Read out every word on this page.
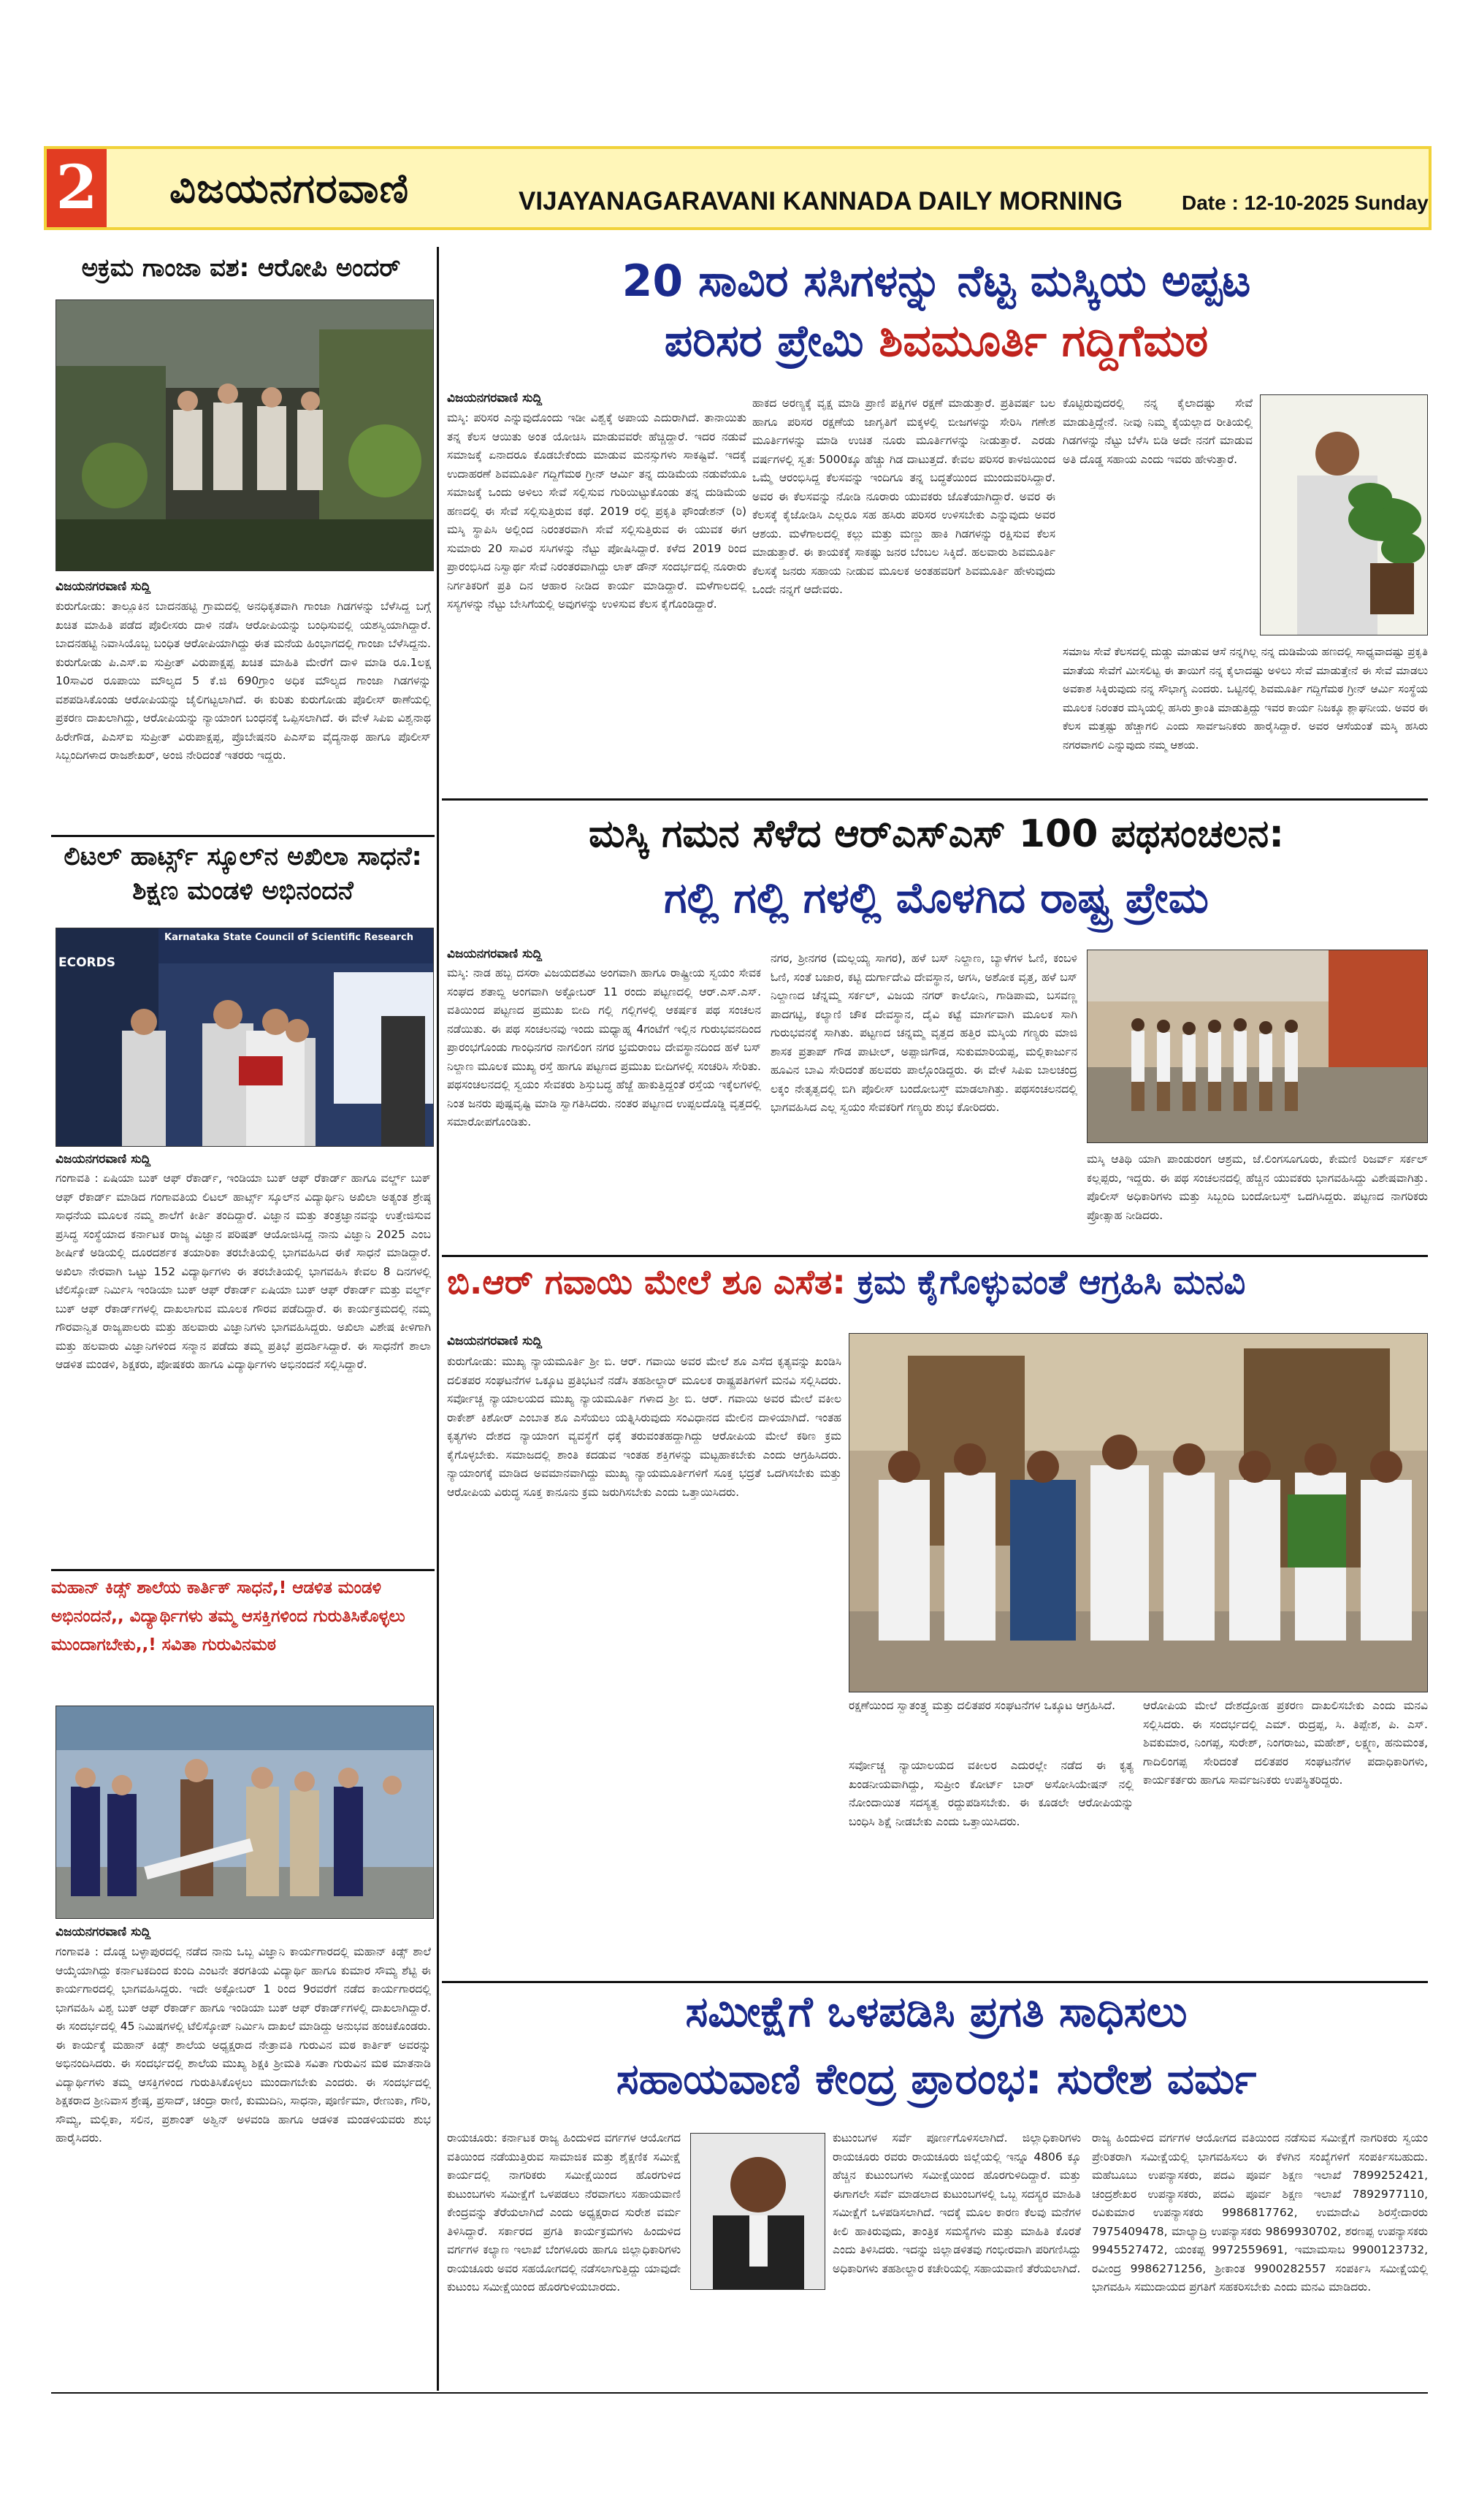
2 ವಿಜಯನಗರವಾಣಿ	VIJAYANAGARAVANI KANNADA DAILY MORNING	Date : 12-10-2025 Sunday
ಅಕ್ರಮ ಗಾಂಜಾ ವಶ: ಆರೋಪಿ ಅಂದರ್
ವಿಜಯನಗರವಾಣಿ ಸುದ್ದಿ
ಕುರುಗೋಡು: ತಾಲ್ಲೂಕಿನ ಬಾದನಹಟ್ಟಿ ಗ್ರಾಮದಲ್ಲಿ ಅನಧಿಕೃತವಾಗಿ ಗಾಂಜಾ ಗಿಡಗಳನ್ನು ಬೆಳೆಸಿದ್ದ ಬಗ್ಗೆ ಖಚಿತ ಮಾಹಿತಿ ಪಡೆದ ಪೊಲೀಸರು ದಾಳಿ ನಡೆಸಿ ಆರೋಪಿಯನ್ನು ಬಂಧಿಸುವಲ್ಲಿ ಯಶಸ್ವಿಯಾಗಿದ್ದಾರೆ. ಬಾದನಹಟ್ಟಿ ನಿವಾಸಿಯೊಬ್ಬ ಬಂಧಿತ ಆರೋಪಿಯಾಗಿದ್ದು ಈತ ಮನೆಯ ಹಿಂಭಾಗದಲ್ಲಿ ಗಾಂಜಾ ಬೆಳೆಸಿದ್ದನು. ಕುರುಗೋಡು ಪಿ.ಎಸ್.ಐ ಸುಪ್ರೀತ್ ವಿರುಪಾಕ್ಷಪ್ಪ ಖಚಿತ ಮಾಹಿತಿ ಮೇರೆಗೆ ದಾಳಿ ಮಾಡಿ ರೂ.1ಲಕ್ಷ 10ಸಾವಿರ ರೂಪಾಯಿ ಮೌಲ್ಯದ 5 ಕೆ.ಜಿ 690ಗ್ರಾಂ ಅಧಿಕ ಮೌಲ್ಯದ ಗಾಂಜಾ ಗಿಡಗಳನ್ನು ವಶಪಡಿಸಿಕೊಂಡು ಆರೋಪಿಯನ್ನು ಜೈಲಿಗಟ್ಟಲಾಗಿದೆ. ಈ ಕುರಿತು ಕುರುಗೋಡು ಪೊಲೀಸ್ ಠಾಣೆಯಲ್ಲಿ ಪ್ರಕರಣ ದಾಖಲಾಗಿದ್ದು, ಆರೋಪಿಯನ್ನು ನ್ಯಾಯಾಂಗ ಬಂಧನಕ್ಕೆ ಒಪ್ಪಿಸಲಾಗಿದೆ. ಈ ವೇಳೆ ಸಿಪಿಐ ವಿಶ್ವನಾಥ ಹಿರೇಗೌಡ, ಪಿಎಸ್ಐ ಸುಪ್ರೀತ್ ವಿರುಪಾಕ್ಷಪ್ಪ, ಪ್ರೊಬೇಷನರಿ ಪಿಎಸ್ಐ ವೈದ್ಯನಾಥ ಹಾಗೂ ಪೊಲೀಸ್ ಸಿಬ್ಬಂದಿಗಳಾದ ರಾಜಶೇಖರ್, ಅಂಜಿ ನೇರಿದಂತೆ ಇತರರು ಇದ್ದರು.
ಲಿಟಲ್ ಹಾರ್ಟ್ಸ್ ಸ್ಕೂಲ್‌ನ ಅಖಿಲಾ ಸಾಧನೆ: ಶಿಕ್ಷಣ ಮಂಡಳಿ ಅಭಿನಂದನೆ
Karnataka State Council of Scientific Research
ECORDS
ವಿಜಯನಗರವಾಣಿ ಸುದ್ದಿ
ಗಂಗಾವತಿ : ಏಷಿಯಾ ಬುಕ್ ಆಫ್ ರೆಕಾರ್ಡ್, ಇಂಡಿಯಾ ಬುಕ್ ಆಫ್ ರೆಕಾರ್ಡ್ ಹಾಗೂ ವರ್ಲ್ಡ್ ಬುಕ್ ಆಫ್ ರೆಕಾರ್ಡ್ ಮಾಡಿದ ಗಂಗಾವತಿಯ ಲಿಟಲ್ ಹಾರ್ಟ್ಸ್ ಸ್ಕೂಲ್‌ನ ವಿದ್ಯಾರ್ಥಿನಿ ಅಖಿಲಾ ಅತ್ಯಂತ ಶ್ರೇಷ್ಠ ಸಾಧನೆಯ ಮೂಲಕ ನಮ್ಮ ಶಾಲೆಗೆ ಕೀರ್ತಿ ತಂದಿದ್ದಾರೆ. ವಿಜ್ಞಾನ ಮತ್ತು ತಂತ್ರಜ್ಞಾನವನ್ನು ಉತ್ತೇಜಿಸುವ ಪ್ರಸಿದ್ಧ ಸಂಸ್ಥೆಯಾದ ಕರ್ನಾಟಕ ರಾಜ್ಯ ವಿಜ್ಞಾನ ಪರಿಷತ್ ಆಯೋಜಿಸಿದ್ದ ನಾನು ವಿಜ್ಞಾನಿ 2025 ಎಂಬ ಶೀರ್ಷಿಕೆ ಅಡಿಯಲ್ಲಿ ದೂರದರ್ಶಕ ತಯಾರಿಕಾ ತರಬೇತಿಯಲ್ಲಿ ಭಾಗವಹಿಸಿದ ಈಕೆ ಸಾಧನೆ ಮಾಡಿದ್ದಾರೆ. ಅಖಿಲಾ ನೇರವಾಗಿ ಒಟ್ಟು 152 ವಿದ್ಯಾರ್ಥಿಗಳು ಈ ತರಬೇತಿಯಲ್ಲಿ ಭಾಗವಹಿಸಿ ಕೇವಲ 8 ದಿನಗಳಲ್ಲಿ ಟೆಲಿಸ್ಕೋಪ್ ನಿರ್ಮಿಸಿ ಇಂಡಿಯಾ ಬುಕ್ ಆಫ್ ರೆಕಾರ್ಡ್ ಏಷಿಯಾ ಬುಕ್ ಆಫ್ ರೆಕಾರ್ಡ್ ಮತ್ತು ವರ್ಲ್ಡ್ ಬುಕ್ ಆಫ್ ರೆಕಾರ್ಡ್‌ಗಳಲ್ಲಿ ದಾಖಲಾಗುವ ಮೂಲಕ ಗೌರವ ಪಡೆದಿದ್ದಾರೆ. ಈ ಕಾರ್ಯಕ್ರಮದಲ್ಲಿ ನಮ್ಮ ಗೌರವಾನ್ವಿತ ರಾಜ್ಯಪಾಲರು ಮತ್ತು ಹಲವಾರು ವಿಜ್ಞಾನಿಗಳು ಭಾಗವಹಿಸಿದ್ದರು. ಅಖಿಲಾ ವಿಶೇಷ ಕೀಳಿಗಾಗಿ ಮತ್ತು ಹಲವಾರು ವಿಜ್ಞಾನಿಗಳಿಂದ ಸನ್ಮಾನ ಪಡೆದು ತಮ್ಮ ಪ್ರತಿಭೆ ಪ್ರದರ್ಶಿಸಿದ್ದಾರೆ. ಈ ಸಾಧನೆಗೆ ಶಾಲಾ ಆಡಳಿತ ಮಂಡಳಿ, ಶಿಕ್ಷಕರು, ಪೋಷಕರು ಹಾಗೂ ವಿದ್ಯಾರ್ಥಿಗಳು ಅಭಿನಂದನೆ ಸಲ್ಲಿಸಿದ್ದಾರೆ.
ಮಹಾನ್ ಕಿಡ್ಸ್ ಶಾಲೆಯ ಕಾರ್ತಿಕ್ ಸಾಧನೆ,! ಆಡಳಿತ ಮಂಡಳಿ ಅಭಿನಂದನೆ,, ವಿದ್ಯಾರ್ಥಿಗಳು ತಮ್ಮ ಆಸಕ್ತಿಗಳಿಂದ ಗುರುತಿಸಿಕೊಳ್ಳಲು ಮುಂದಾಗಬೇಕು,,! ಸವಿತಾ ಗುರುವಿನಮಠ
ವಿಜಯನಗರವಾಣಿ ಸುದ್ದಿ
ಗಂಗಾವತಿ : ದೊಡ್ಡ ಬಳ್ಳಾಪುರದಲ್ಲಿ ನಡೆದ ನಾನು ಒಬ್ಬ ವಿಜ್ಞಾನಿ ಕಾರ್ಯಗಾರದಲ್ಲಿ ಮಹಾನ್ ಕಿಡ್ಸ್ ಶಾಲೆ ಆಯ್ಕೆಯಾಗಿದ್ದು ಕರ್ನಾಟಕದಿಂದ ಕುಂದಿ ಎಂಟನೇ ತರಗತಿಯ ವಿದ್ಯಾರ್ಥಿ ಹಾಗೂ ಕುಮಾರ ಸೌಮ್ಯ ಶೆಟ್ಟಿ ಈ ಕಾರ್ಯಗಾರದಲ್ಲಿ ಭಾಗವಹಿಸಿದ್ದರು. ಇದೇ ಅಕ್ಟೋಬರ್ 1 ರಿಂದ 9ರವರೆಗೆ ನಡೆದ ಕಾರ್ಯಗಾರದಲ್ಲಿ ಭಾಗವಹಿಸಿ ವಿಶ್ವ ಬುಕ್ ಆಫ್ ರೆಕಾರ್ಡ್ ಹಾಗೂ ಇಂಡಿಯಾ ಬುಕ್ ಆಫ್ ರೆಕಾರ್ಡ್‌ಗಳಲ್ಲಿ ದಾಖಲಾಗಿದ್ದಾರೆ. ಈ ಸಂದರ್ಭದಲ್ಲಿ 45 ನಿಮಿಷಗಳಲ್ಲಿ ಟೆಲಿಸ್ಕೋಪ್ ನಿರ್ಮಿಸಿ ದಾಖಲೆ ಮಾಡಿದ್ದು ಅನುಭವ ಹಂಚಿಕೊಂಡರು. ಈ ಕಾರ್ಯಕ್ಕೆ ಮಹಾನ್ ಕಿಡ್ಸ್ ಶಾಲೆಯ ಅಧ್ಯಕ್ಷರಾದ ನೇತ್ರಾವತಿ ಗುರುವಿನ ಮಠ ಕಾರ್ತಿಕ್ ಅವರನ್ನು ಅಭಿನಂದಿಸಿದರು. ಈ ಸಂದರ್ಭದಲ್ಲಿ ಶಾಲೆಯ ಮುಖ್ಯ ಶಿಕ್ಷಕಿ ಶ್ರೀಮತಿ ಸವಿತಾ ಗುರುವಿನ ಮಠ ಮಾತನಾಡಿ ವಿದ್ಯಾರ್ಥಿಗಳು ತಮ್ಮ ಆಸಕ್ತಿಗಳಿಂದ ಗುರುತಿಸಿಕೊಳ್ಳಲು ಮುಂದಾಗಬೇಕು ಎಂದರು. ಈ ಸಂದರ್ಭದಲ್ಲಿ ಶಿಕ್ಷಕರಾದ ಶ್ರೀನಿವಾಸ ಶ್ರೇಷ್ಠ, ಪ್ರಸಾದ್, ಚಂದ್ರಾ ರಾಣಿ, ಕುಮುದಿನಿ, ಸಾಧನಾ, ಪೂರ್ಣಿಮಾ, ರೇಣುಕಾ, ಗೌರಿ, ಸೌಮ್ಯ, ಮಲ್ಲಿಕಾ, ಸಲಿನ, ಪ್ರಶಾಂತ್ ಅಶ್ವಿನ್ ಅಳವಂಡಿ ಹಾಗೂ ಆಡಳಿತ ಮಂಡಳಿಯವರು ಶುಭ ಹಾರೈಸಿದರು.
20 ಸಾವಿರ ಸಸಿಗಳನ್ನು ನೆಟ್ಟ ಮಸ್ಕಿಯ ಅಪ್ಪಟ
ಪರಿಸರ ಪ್ರೇಮಿ ಶಿವಮೂರ್ತಿ ಗದ್ದಿಗೆಮಠ
ವಿಜಯನಗರವಾಣಿ ಸುದ್ದಿ
ಮಸ್ಕಿ: ಪರಿಸರ ಎನ್ನುವುದೊಂದು ಇಡೀ ವಿಶ್ವಕ್ಕೆ ಅಪಾಯ ಎದುರಾಗಿದೆ. ತಾನಾಯಿತು ತನ್ನ ಕೆಲಸ ಆಯಿತು ಅಂತ ಯೋಚಿಸಿ ಮಾಡುವವರೇ ಹೆಚ್ಚಿದ್ದಾರೆ. ಇದರ ನಡುವೆ ಸಮಾಜಕ್ಕೆ ಏನಾದರೂ ಕೊಡಬೇಕೆಂದು ಮಾಡುವ ಮನಸ್ಸುಗಳು ಸಾಕಷ್ಟಿವೆ. ಇದಕ್ಕೆ ಉದಾಹರಣೆ ಶಿವಮೂರ್ತಿ ಗದ್ದಿಗೆಮಠ ಗ್ರೀನ್ ಆರ್ಮಿ ತನ್ನ ದುಡಿಮೆಯ ನಡುವೆಯೂ ಸಮಾಜಕ್ಕೆ ಒಂದು ಅಳಿಲು ಸೇವೆ ಸಲ್ಲಿಸುವ ಗುರಿಯಿಟ್ಟುಕೊಂಡು ತನ್ನ ದುಡಿಮೆಯ ಹಣದಲ್ಲಿ ಈ ಸೇವೆ ಸಲ್ಲಿಸುತ್ತಿರುವ ಕಥೆ. 2019 ರಲ್ಲಿ ಪ್ರಕೃತಿ ಫೌಂಡೇಶನ್ (ರಿ) ಮಸ್ಕಿ ಸ್ಥಾಪಿಸಿ ಅಲ್ಲಿಂದ ನಿರಂತರವಾಗಿ ಸೇವೆ ಸಲ್ಲಿಸುತ್ತಿರುವ ಈ ಯುವಕ ಈಗ ಸುಮಾರು 20 ಸಾವಿರ ಸಸಿಗಳನ್ನು ನೆಟ್ಟು ಪೋಷಿಸಿದ್ದಾರೆ. ಕಳೆದ 2019 ರಿಂದ ಪ್ರಾರಂಭಿಸಿದ ನಿಸ್ವಾರ್ಥ ಸೇವೆ ನಿರಂತರವಾಗಿದ್ದು ಲಾಕ್ ಡೌನ್ ಸಂದರ್ಭದಲ್ಲಿ ನೂರಾರು ನಿರ್ಗತಿಕರಿಗೆ ಪ್ರತಿ ದಿನ ಆಹಾರ ನೀಡಿದ ಕಾರ್ಯ ಮಾಡಿದ್ದಾರೆ. ಮಳೆಗಾಲದಲ್ಲಿ ಸಸ್ಯಗಳನ್ನು ನೆಟ್ಟು ಬೇಸಿಗೆಯಲ್ಲಿ ಅವುಗಳನ್ನು ಉಳಿಸುವ ಕೆಲಸ ಕೈಗೊಂಡಿದ್ದಾರೆ.
ಹಾಕದ ಅರಣ್ಯಕ್ಕೆ ವೃಕ್ಷ ಮಾಡಿ ಪ್ರಾಣಿ ಪಕ್ಷಿಗಳ ರಕ್ಷಣೆ ಮಾಡುತ್ತಾರೆ. ಪ್ರತಿವರ್ಷ ಬಲ ಹಾಗೂ ಪರಿಸರ ರಕ್ಷಣೆಯ ಜಾಗೃತಿಗೆ ಮಕ್ಕಳಲ್ಲಿ ಬೀಜಗಳನ್ನು ಸೇರಿಸಿ ಗಣೇಶ ಮೂರ್ತಿಗಳನ್ನು ಮಾಡಿ ಉಚಿತ ನೂರು ಮೂರ್ತಿಗಳನ್ನು ನೀಡುತ್ತಾರೆ. ಎರಡು ವರ್ಷಗಳಲ್ಲಿ ಸ್ವತಃ 5000ಕ್ಕೂ ಹೆಚ್ಚು ಗಿಡ ದಾಟುತ್ತದೆ. ಕೇವಲ ಪರಿಸರ ಕಾಳಜಿಯಿಂದ ಒಮ್ಮೆ ಆರಂಭಿಸಿದ್ದ ಕೆಲಸವನ್ನು ಇಂದಿಗೂ ತನ್ನ ಬದ್ಧತೆಯಿಂದ ಮುಂದುವರಿಸಿದ್ದಾರೆ. ಅವರ ಈ ಕೆಲಸವನ್ನು ನೋಡಿ ನೂರಾರು ಯುವಕರು ಜೊತೆಯಾಗಿದ್ದಾರೆ. ಅವರ ಈ ಕೆಲಸಕ್ಕೆ ಕೈಜೋಡಿಸಿ ಎಲ್ಲರೂ ಸಹ ಹಸಿರು ಪರಿಸರ ಉಳಿಸಬೇಕು ಎನ್ನುವುದು ಅವರ ಆಶಯ. ಮಳೆಗಾಲದಲ್ಲಿ ಕಲ್ಲು ಮತ್ತು ಮಣ್ಣು ಹಾಕಿ ಗಿಡಗಳನ್ನು ರಕ್ಷಿಸುವ ಕೆಲಸ ಮಾಡುತ್ತಾರೆ. ಈ ಕಾಯಕಕ್ಕೆ ಸಾಕಷ್ಟು ಜನರ ಬೆಂಬಲ ಸಿಕ್ಕಿದೆ. ಹಲವಾರು ಶಿವಮೂರ್ತಿ ಕೆಲಸಕ್ಕೆ ಜನರು ಸಹಾಯ ನೀಡುವ ಮೂಲಕ ಅಂತಹವರಿಗೆ ಶಿವಮೂರ್ತಿ ಹೇಳುವುದು ಒಂದೇ ನನ್ನಗೆ ಆದೇವರು.
ಕೊಟ್ಟಿರುವುದರಲ್ಲಿ ನನ್ನ ಕೈಲಾದಷ್ಟು ಸೇವೆ ಮಾಡುತ್ತಿದ್ದೇನೆ. ನೀವು ನಿಮ್ಮ ಕೈಯಲ್ಲಾದ ರೀತಿಯಲ್ಲಿ ಗಿಡಗಳನ್ನು ನೆಟ್ಟು ಬೆಳೆಸಿ ಬಿಡಿ ಅದೇ ನನಗೆ ಮಾಡುವ ಅತಿ ದೊಡ್ಡ ಸಹಾಯ ಎಂದು ಇವರು ಹೇಳುತ್ತಾರೆ.
ಸಮಾಜ ಸೇವೆ ಕೆಲಸದಲ್ಲಿ ದುಡ್ಡು ಮಾಡುವ ಆಸೆ ನನ್ನಗಿಲ್ಲ ನನ್ನ ದುಡಿಮೆಯ ಹಣದಲ್ಲಿ ಸಾಧ್ಯವಾದಷ್ಟು ಪ್ರಕೃತಿ ಮಾತೆಯ ಸೇವೆಗೆ ಮೀಸಲಿಟ್ಟ ಈ ತಾಯಿಗೆ ನನ್ನ ಕೈಲಾದಷ್ಟು ಅಳಿಲು ಸೇವೆ ಮಾಡುತ್ತೇನೆ ಈ ಸೇವೆ ಮಾಡಲು ಅವಕಾಶ ಸಿಕ್ಕಿರುವುದು ನನ್ನ ಸೌಭಾಗ್ಯ ಎಂದರು. ಒಟ್ಟಿನಲ್ಲಿ ಶಿವಮೂರ್ತಿ ಗದ್ದಿಗೆಮಠ ಗ್ರೀನ್ ಆರ್ಮಿ ಸಂಸ್ಥೆಯ ಮೂಲಕ ನಿರಂತರ ಮಸ್ಕಿಯಲ್ಲಿ ಹಸಿರು ಕ್ರಾಂತಿ ಮಾಡುತ್ತಿದ್ದು ಇವರ ಕಾರ್ಯ ನಿಜಕ್ಕೂ ಶ್ಲಾಘನೀಯ. ಅವರ ಈ ಕೆಲಸ ಮತ್ತಷ್ಟು ಹೆಚ್ಚಾಗಲಿ ಎಂದು ಸಾರ್ವಜನಿಕರು ಹಾರೈಸಿದ್ದಾರೆ. ಅವರ ಆಸೆಯಂತೆ ಮಸ್ಕಿ ಹಸಿರು ನಗರವಾಗಲಿ ಎನ್ನುವುದು ನಮ್ಮ ಆಶಯ.
ಮಸ್ಕಿ ಗಮನ ಸೆಳೆದ ಆರ್‌ಎಸ್‌ಎಸ್ 100 ಪಥಸಂಚಲನ:
ಗಲ್ಲಿ ಗಲ್ಲಿ ಗಳಲ್ಲಿ ಮೊಳಗಿದ ರಾಷ್ಟ್ರ ಪ್ರೇಮ
ವಿಜಯನಗರವಾಣಿ ಸುದ್ದಿ
ಮಸ್ಕಿ: ನಾಡ ಹಬ್ಬ ದಸರಾ ವಿಜಯದಶಮಿ ಅಂಗವಾಗಿ ಹಾಗೂ ರಾಷ್ಟ್ರೀಯ ಸ್ವಯಂ ಸೇವಕ ಸಂಘದ ಶತಾಬ್ದಿ ಅಂಗವಾಗಿ ಅಕ್ಟೋಬರ್ 11 ರಂದು ಪಟ್ಟಣದಲ್ಲಿ ಆರ್.ಎಸ್.ಎಸ್. ವತಿಯಿಂದ ಪಟ್ಟಣದ ಪ್ರಮುಖ ಬೀದಿ ಗಲ್ಲಿ ಗಲ್ಲಿಗಳಲ್ಲಿ ಆಕರ್ಷಕ ಪಥ ಸಂಚಲನ ನಡೆಯಿತು. ಈ ಪಥ ಸಂಚಲನವು ಇಂದು ಮಧ್ಯಾಹ್ನ 4ಗಂಟೆಗೆ ಇಲ್ಲಿನ ಗುರುಭವನದಿಂದ ಪ್ರಾರಂಭಗೊಂಡು ಗಾಂಧಿನಗರ ನಾಗಲಿಂಗ ನಗರ ಭ್ರಮರಾಂಬ ದೇವಸ್ಥಾನದಿಂದ ಹಳೆ ಬಸ್ ನಿಲ್ದಾಣ ಮೂಲಕ ಮುಖ್ಯ ರಸ್ತೆ ಹಾಗೂ ಪಟ್ಟಣದ ಪ್ರಮುಖ ಬೀದಿಗಳಲ್ಲಿ ಸಂಚರಿಸಿ ಸೇರಿತು. ಪಥಸಂಚಲನದಲ್ಲಿ ಸ್ವಯಂ ಸೇವಕರು ಶಿಸ್ತುಬದ್ಧ ಹೆಜ್ಜೆ ಹಾಕುತ್ತಿದ್ದಂತೆ ರಸ್ತೆಯ ಇಕ್ಕೆಲಗಳಲ್ಲಿ ನಿಂತ ಜನರು ಪುಷ್ಪವೃಷ್ಟಿ ಮಾಡಿ ಸ್ವಾಗತಿಸಿದರು. ನಂತರ ಪಟ್ಟಣದ ಉಪ್ಪಲದೊಡ್ಡಿ ವೃತ್ತದಲ್ಲಿ ಸಮಾರೋಪಗೊಂಡಿತು.
ನಗರ, ಶ್ರೀನಗರ (ಮಲ್ಲಯ್ಯ ಸಾಗರ), ಹಳೆ ಬಸ್ ನಿಲ್ದಾಣ, ಬ್ಯಾಳೆಗಳ ಓಣಿ, ಕಂಬಳಿ ಓಣಿ, ಸಂತೆ ಬಜಾರ, ಕಟ್ಟಿ ದುರ್ಗಾದೇವಿ ದೇವಸ್ಥಾನ, ಅಗಸಿ, ಅಶೋಕ ವೃತ್ತ, ಹಳೆ ಬಸ್ ನಿಲ್ದಾಣದ ಚೆನ್ನಮ್ಮ ಸರ್ಕಲ್, ವಿಜಯ ನಗರ್ ಕಾಲೋನಿ, ಗಾಡಿಪಾಮ, ಬಸವಣ್ಣ ಪಾದಗಟ್ಟಿ, ಕಲ್ಯಾಣಿ ಚೌಕ ದೇವಸ್ಥಾನ, ದೈವಿ ಕಟ್ಟೆ ಮಾರ್ಗವಾಗಿ ಮೂಲಕ ಸಾಗಿ ಗುರುಭವನಕ್ಕೆ ಸಾಗಿತು. ಪಟ್ಟಣದ ಚನ್ನಮ್ಮ ವೃತ್ತದ ಹತ್ತಿರ ಮಸ್ಕಿಯ ಗಣ್ಯರು ಮಾಜಿ ಶಾಸಕ ಪ್ರತಾಪ್ ಗೌಡ ಪಾಟೀಲ್, ಅಪ್ಪಾಜಿಗೌಡ, ಸುಕುಮಾರಿಯಪ್ಪ, ಮಲ್ಲಿಕಾರ್ಜುನ ಹೂವಿನ ಬಾವಿ ಸೇರಿದಂತೆ ಹಲವರು ಪಾಲ್ಗೊಂಡಿದ್ದರು. ಈ ವೇಳೆ ಸಿಪಿಐ ಬಾಲಚಂದ್ರ ಲಕ್ಕಂ ನೇತೃತ್ವದಲ್ಲಿ ಬಿಗಿ ಪೊಲೀಸ್ ಬಂದೋಬಸ್ತ್ ಮಾಡಲಾಗಿತ್ತು. ಪಥಸಂಚಲನದಲ್ಲಿ ಭಾಗವಹಿಸಿದ ಎಲ್ಲ ಸ್ವಯಂ ಸೇವಕರಿಗೆ ಗಣ್ಯರು ಶುಭ ಕೋರಿದರು.
ಮಸ್ಕಿ ಆತಿಥಿ ಯಾಗಿ ಪಾಂಡುರಂಗ ಆಶ್ರಮ, ಜೆ.ಲಿಂಗಸೂಗೂರು, ಕೇಮಣಿ ರಿಜರ್ವ್ ಸರ್ಕಲ್ ಕಲ್ಲಪ್ಪರು, ಇದ್ದರು. ಈ ಪಥ ಸಂಚಲನದಲ್ಲಿ ಹೆಚ್ಚಿನ ಯುವಕರು ಭಾಗವಹಿಸಿದ್ದು ವಿಶೇಷವಾಗಿತ್ತು. ಪೊಲೀಸ್ ಅಧಿಕಾರಿಗಳು ಮತ್ತು ಸಿಬ್ಬಂದಿ ಬಂದೋಬಸ್ತ್ ಒದಗಿಸಿದ್ದರು. ಪಟ್ಟಣದ ನಾಗರಿಕರು ಪ್ರೋತ್ಸಾಹ ನೀಡಿದರು.
ಬಿ.ಆರ್ ಗವಾಯಿ ಮೇಲೆ ಶೂ ಎಸೆತ: ಕ್ರಮ ಕೈಗೊಳ್ಳುವಂತೆ ಆಗ್ರಹಿಸಿ ಮನವಿ
ವಿಜಯನಗರವಾಣಿ ಸುದ್ದಿ
ಕುರುಗೋಡು: ಮುಖ್ಯ ನ್ಯಾಯಮೂರ್ತಿ ಶ್ರೀ ಬಿ. ಆರ್. ಗವಾಯಿ ಅವರ ಮೇಲೆ ಶೂ ಎಸೆದ ಕೃತ್ಯವನ್ನು ಖಂಡಿಸಿ ದಲಿತಪರ ಸಂಘಟನೆಗಳ ಒಕ್ಕೂಟ ಪ್ರತಿಭಟನೆ ನಡೆಸಿ ತಹಶೀಲ್ದಾರ್ ಮೂಲಕ ರಾಷ್ಟ್ರಪತಿಗಳಿಗೆ ಮನವಿ ಸಲ್ಲಿಸಿದರು. ಸರ್ವೋಚ್ಚ ನ್ಯಾಯಾಲಯದ ಮುಖ್ಯ ನ್ಯಾಯಮೂರ್ತಿ ಗಳಾದ ಶ್ರೀ ಬಿ. ಆರ್. ಗವಾಯಿ ಅವರ ಮೇಲೆ ವಕೀಲ ರಾಕೇಶ್ ಕಿಶೋರ್ ಎಂಬಾತ ಶೂ ಎಸೆಯಲು ಯತ್ನಿಸಿರುವುದು ಸಂವಿಧಾನದ ಮೇಲಿನ ದಾಳಿಯಾಗಿದೆ. ಇಂತಹ ಕೃತ್ಯಗಳು ದೇಶದ ನ್ಯಾಯಾಂಗ ವ್ಯವಸ್ಥೆಗೆ ಧಕ್ಕೆ ತರುವಂತಹದ್ದಾಗಿದ್ದು ಆರೋಪಿಯ ಮೇಲೆ ಕಠಿಣ ಕ್ರಮ ಕೈಗೊಳ್ಳಬೇಕು. ಸಮಾಜದಲ್ಲಿ ಶಾಂತಿ ಕದಡುವ ಇಂತಹ ಶಕ್ತಿಗಳನ್ನು ಮಟ್ಟಹಾಕಬೇಕು ಎಂದು ಆಗ್ರಹಿಸಿದರು. ನ್ಯಾಯಾಂಗಕ್ಕೆ ಮಾಡಿದ ಅವಮಾನವಾಗಿದ್ದು ಮುಖ್ಯ ನ್ಯಾಯಮೂರ್ತಿಗಳಿಗೆ ಸೂಕ್ತ ಭದ್ರತೆ ಒದಗಿಸಬೇಕು ಮತ್ತು ಆರೋಪಿಯ ವಿರುದ್ಧ ಸೂಕ್ತ ಕಾನೂನು ಕ್ರಮ ಜರುಗಿಸಬೇಕು ಎಂದು ಒತ್ತಾಯಿಸಿದರು.
ರಕ್ಷಣೆಯಿಂದ ಸ್ವಾತಂತ್ರ್ಯ ಮತ್ತು ದಲಿತಪರ ಸಂಘಟನೆಗಳ ಒಕ್ಕೂಟ ಆಗ್ರಹಿಸಿದೆ.
ಸರ್ವೋಚ್ಚ ನ್ಯಾಯಾಲಯದ ವಕೀಲರ ಎದುರಲ್ಲೇ ನಡೆದ ಈ ಕೃತ್ಯ ಖಂಡನೀಯವಾಗಿದ್ದು, ಸುಪ್ರೀಂ ಕೋರ್ಟ್ ಬಾರ್ ಅಸೋಸಿಯೇಷನ್ ನಲ್ಲಿ ನೋಂದಾಯಿತ ಸದಸ್ಯತ್ವ ರದ್ದುಪಡಿಸಬೇಕು. ಈ ಕೂಡಲೇ ಆರೋಪಿಯನ್ನು ಬಂಧಿಸಿ ಶಿಕ್ಷೆ ನೀಡಬೇಕು ಎಂದು ಒತ್ತಾಯಿಸಿದರು.
ಆರೋಪಿಯ ಮೇಲೆ ದೇಶದ್ರೋಹ ಪ್ರಕರಣ ದಾಖಲಿಸಬೇಕು ಎಂದು ಮನವಿ ಸಲ್ಲಿಸಿದರು. ಈ ಸಂದರ್ಭದಲ್ಲಿ ಎಮ್. ರುದ್ರಪ್ಪ, ಸಿ. ತಿಪ್ಪೇಶ, ಪಿ. ಎಸ್. ಶಿವಕುಮಾರ, ನಿಂಗಪ್ಪ, ಸುರೇಶ್, ನಿಂಗರಾಜು, ಮಹೇಶ್, ಲಕ್ಷ್ಮಣ, ಹನುಮಂತ, ಗಾದಿಲಿಂಗಪ್ಪ ಸೇರಿದಂತೆ ದಲಿತಪರ ಸಂಘಟನೆಗಳ ಪದಾಧಿಕಾರಿಗಳು, ಕಾರ್ಯಕರ್ತರು ಹಾಗೂ ಸಾರ್ವಜನಿಕರು ಉಪಸ್ಥಿತರಿದ್ದರು.
ಸಮೀಕ್ಷೆಗೆ ಒಳಪಡಿಸಿ ಪ್ರಗತಿ ಸಾಧಿಸಲು
ಸಹಾಯವಾಣಿ ಕೇಂದ್ರ ಪ್ರಾರಂಭ: ಸುರೇಶ ವರ್ಮ
ರಾಯಚೂರು: ಕರ್ನಾಟಕ ರಾಜ್ಯ ಹಿಂದುಳಿದ ವರ್ಗಗಳ ಆಯೋಗದ ವತಿಯಿಂದ ನಡೆಯುತ್ತಿರುವ ಸಾಮಾಜಿಕ ಮತ್ತು ಶೈಕ್ಷಣಿಕ ಸಮೀಕ್ಷೆ ಕಾರ್ಯದಲ್ಲಿ ನಾಗರಿಕರು ಸಮೀಕ್ಷೆಯಿಂದ ಹೊರಗುಳಿದ ಕುಟುಂಬಗಳು ಸಮೀಕ್ಷೆಗೆ ಒಳಪಡಲು ನೆರವಾಗಲು ಸಹಾಯವಾಣಿ ಕೇಂದ್ರವನ್ನು ತೆರೆಯಲಾಗಿದೆ ಎಂದು ಅಧ್ಯಕ್ಷರಾದ ಸುರೇಶ ವರ್ಮ ತಿಳಿಸಿದ್ದಾರೆ. ಸರ್ಕಾರದ ಪ್ರಗತಿ ಕಾರ್ಯಕ್ರಮಗಳು ಹಿಂದುಳಿದ ವರ್ಗಗಳ ಕಲ್ಯಾಣ ಇಲಾಖೆ ಬೆಂಗಳೂರು ಹಾಗೂ ಜಿಲ್ಲಾಧಿಕಾರಿಗಳು ರಾಯಚೂರು ಅವರ ಸಹಯೋಗದಲ್ಲಿ ನಡೆಸಲಾಗುತ್ತಿದ್ದು ಯಾವುದೇ ಕುಟುಂಬ ಸಮೀಕ್ಷೆಯಿಂದ ಹೊರಗುಳಿಯಬಾರದು.
ಕುಟುಂಬಗಳ ಸರ್ವೆ ಪೂರ್ಣಗೊಳಿಸಲಾಗಿದೆ. ಜಿಲ್ಲಾಧಿಕಾರಿಗಳು ರಾಯಚೂರು ರವರು ರಾಯಚೂರು ಜಿಲ್ಲೆಯಲ್ಲಿ ಇನ್ನೂ 4806 ಕ್ಕೂ ಹೆಚ್ಚಿನ ಕುಟುಂಬಗಳು ಸಮೀಕ್ಷೆಯಿಂದ ಹೊರಗುಳಿದಿದ್ದಾರೆ. ಮತ್ತು ಈಗಾಗಲೇ ಸರ್ವೆ ಮಾಡಲಾದ ಕುಟುಂಬಗಳಲ್ಲಿ ಒಬ್ಬ ಸದಸ್ಯರ ಮಾಹಿತಿ ಸಮೀಕ್ಷೆಗೆ ಒಳಪಡಿಸಲಾಗಿದೆ. ಇದಕ್ಕೆ ಮೂಲ ಕಾರಣ ಕೆಲವು ಮನೆಗಳ ಕೀಲಿ ಹಾಕಿರುವುದು, ತಾಂತ್ರಿಕ ಸಮಸ್ಯೆಗಳು ಮತ್ತು ಮಾಹಿತಿ ಕೊರತೆ ಎಂದು ತಿಳಿಸಿದರು. ಇದನ್ನು ಜಿಲ್ಲಾಡಳಿತವು ಗಂಭೀರವಾಗಿ ಪರಿಗಣಿಸಿದ್ದು ಅಧಿಕಾರಿಗಳು ತಹಶೀಲ್ದಾರ ಕಚೇರಿಯಲ್ಲಿ ಸಹಾಯವಾಣಿ ತೆರೆಯಲಾಗಿದೆ.
ರಾಜ್ಯ ಹಿಂದುಳಿದ ವರ್ಗಗಳ ಆಯೋಗದ ವತಿಯಿಂದ ನಡೆಸುವ ಸಮೀಕ್ಷೆಗೆ ನಾಗರಿಕರು ಸ್ವಯಂ ಪ್ರೇರಿತರಾಗಿ ಸಮೀಕ್ಷೆಯಲ್ಲಿ ಭಾಗವಹಿಸಲು ಈ ಕೆಳಗಿನ ಸಂಖ್ಯೆಗಳಿಗೆ ಸಂಪರ್ಕಿಸಬಹುದು. ಮಹೆಬೂಬು ಉಪನ್ಯಾಸಕರು, ಪದವಿ ಪೂರ್ವ ಶಿಕ್ಷಣ ಇಲಾಖೆ 7899252421, ಚಂದ್ರಶೇಖರ ಉಪನ್ಯಾಸಕರು, ಪದವಿ ಪೂರ್ವ ಶಿಕ್ಷಣ ಇಲಾಖೆ 7892977110, ರವಿಕುಮಾರ ಉಪನ್ಯಾಸಕರು 9986817762, ಉಮಾದೇವಿ ಶಿರಸ್ತೇದಾರರು 7975409478, ಮಾಲ್ಯಾದ್ರಿ ಉಪನ್ಯಾಸಕರು 9869930702, ಶರಣಪ್ಪ ಉಪನ್ಯಾಸಕರು 9945527472, ಯಂಕಪ್ಪ 9972559691, ಇಮಾಮಸಾಬ 9900123732, ರವೀಂದ್ರ 9986271256, ಶ್ರೀಕಾಂತ 9900282557 ಸಂಪರ್ಕಿಸಿ ಸಮೀಕ್ಷೆಯಲ್ಲಿ ಭಾಗವಹಿಸಿ ಸಮುದಾಯದ ಪ್ರಗತಿಗೆ ಸಹಕರಿಸಬೇಕು ಎಂದು ಮನವಿ ಮಾಡಿದರು.
